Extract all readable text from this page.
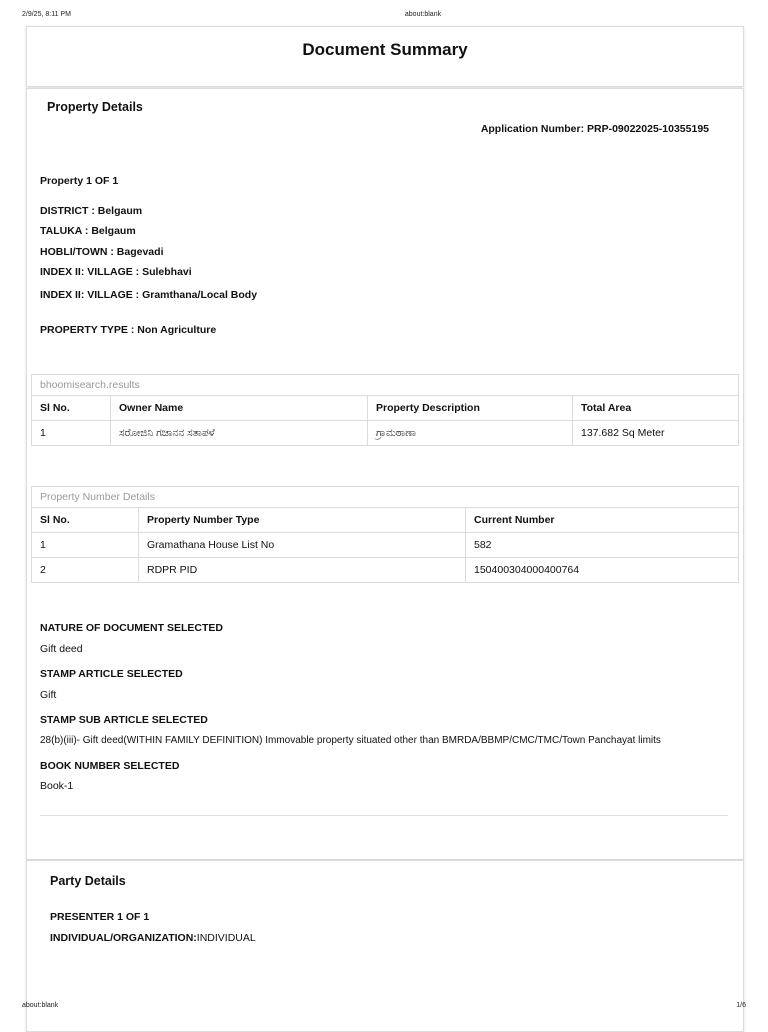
2/9/25, 8:11 PM	about:blank
Document Summary
Property Details
Application Number: PRP-09022025-10355195
Property 1 OF 1
DISTRICT : Belgaum
TALUKA : Belgaum
HOBLI/TOWN : Bagevadi
INDEX II: VILLAGE : Sulebhavi
INDEX II: VILLAGE : Gramthana/Local Body
PROPERTY TYPE : Non Agriculture
bhoomisearch.results			
Sl No.	Owner Name	Property Description	Total Area
1	ಸರೋಜಿನಿ ಗಜಾನನ ಸತಾಪಳೆ	ಗ್ರಾಮಠಾಣಾ	137.682 Sq Meter
Property Number Details		
Sl No.	Property Number Type	Current Number
1	Gramathana House List No	582
2	RDPR PID	150400304000400764
NATURE OF DOCUMENT SELECTED
Gift deed
STAMP ARTICLE SELECTED
Gift
STAMP SUB ARTICLE SELECTED
28(b)(iii)- Gift deed(WITHIN FAMILY DEFINITION) Immovable property situated other than BMRDA/BBMP/CMC/TMC/Town Panchayat limits
BOOK NUMBER SELECTED
Book-1
Party Details
PRESENTER 1 OF 1
INDIVIDUAL/ORGANIZATION:INDIVIDUAL
about:blank	1/6
